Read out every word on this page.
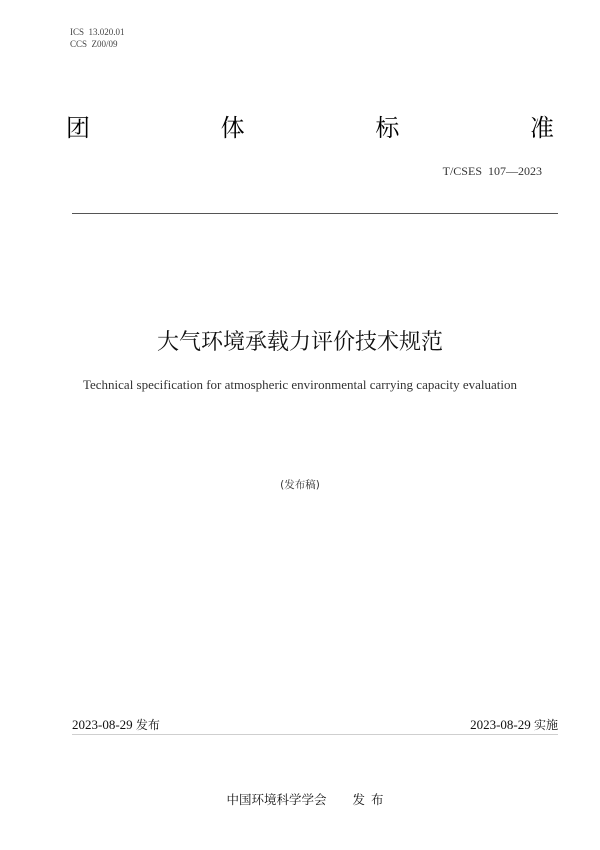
ICS  13.020.01
CCS  Z00/09
团	体	标	准
T/CSES  107—2023
大气环境承载力评价技术规范
Technical specification for atmospheric environmental carrying capacity evaluation
(发布稿)
2023-08-29 发布	2023-08-29 实施

中国环境科学学会 发布
